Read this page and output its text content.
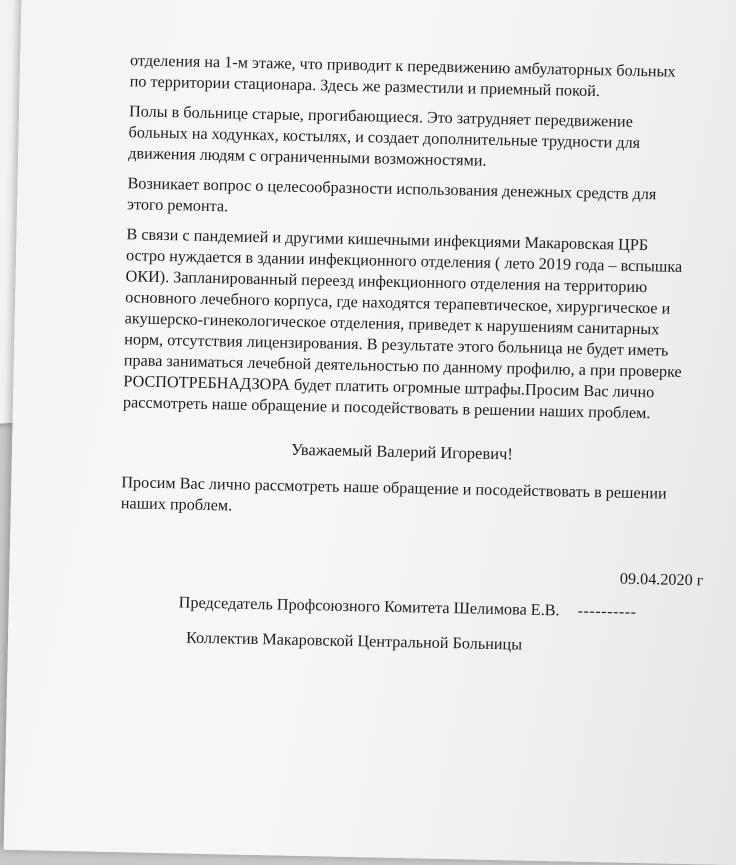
отделения на 1-м этаже, что приводит к передвижению амбулаторных больных по территории стационара. Здесь же разместили и приемный покой.

Полы в больнице старые, прогибающиеся. Это затрудняет передвижение больных на ходунках, костылях, и создает дополнительные трудности для движения людям с ограниченными возможностями.

Возникает вопрос о целесообразности использования денежных средств для этого ремонта.

В связи с пандемией и другими кишечными инфекциями Макаровская ЦРБ остро нуждается в здании инфекционного отделения ( лето 2019 года – вспышка ОКИ). Запланированный переезд инфекционного отделения на территорию основного лечебного корпуса, где находятся терапевтическое, хирургическое и акушерско-гинекологическое отделения, приведет к нарушениям санитарных норм, отсутствия лицензирования. В результате этого больница не будет иметь права заниматься лечебной деятельностью по данному профилю, а при проверке РОСПОТРЕБНАДЗОРА будет платить огромные штрафы.Просим Вас лично рассмотреть наше обращение и посодействовать в решении наших проблем.

Уважаемый Валерий Игоревич!

Просим Вас лично рассмотреть наше обращение и посодействовать в решении наших проблем.

09.04.2020 г
Председатель Профсоюзного Комитета Шелимова Е.В. ----------
Коллектив Макаровской Центральной Больницы
